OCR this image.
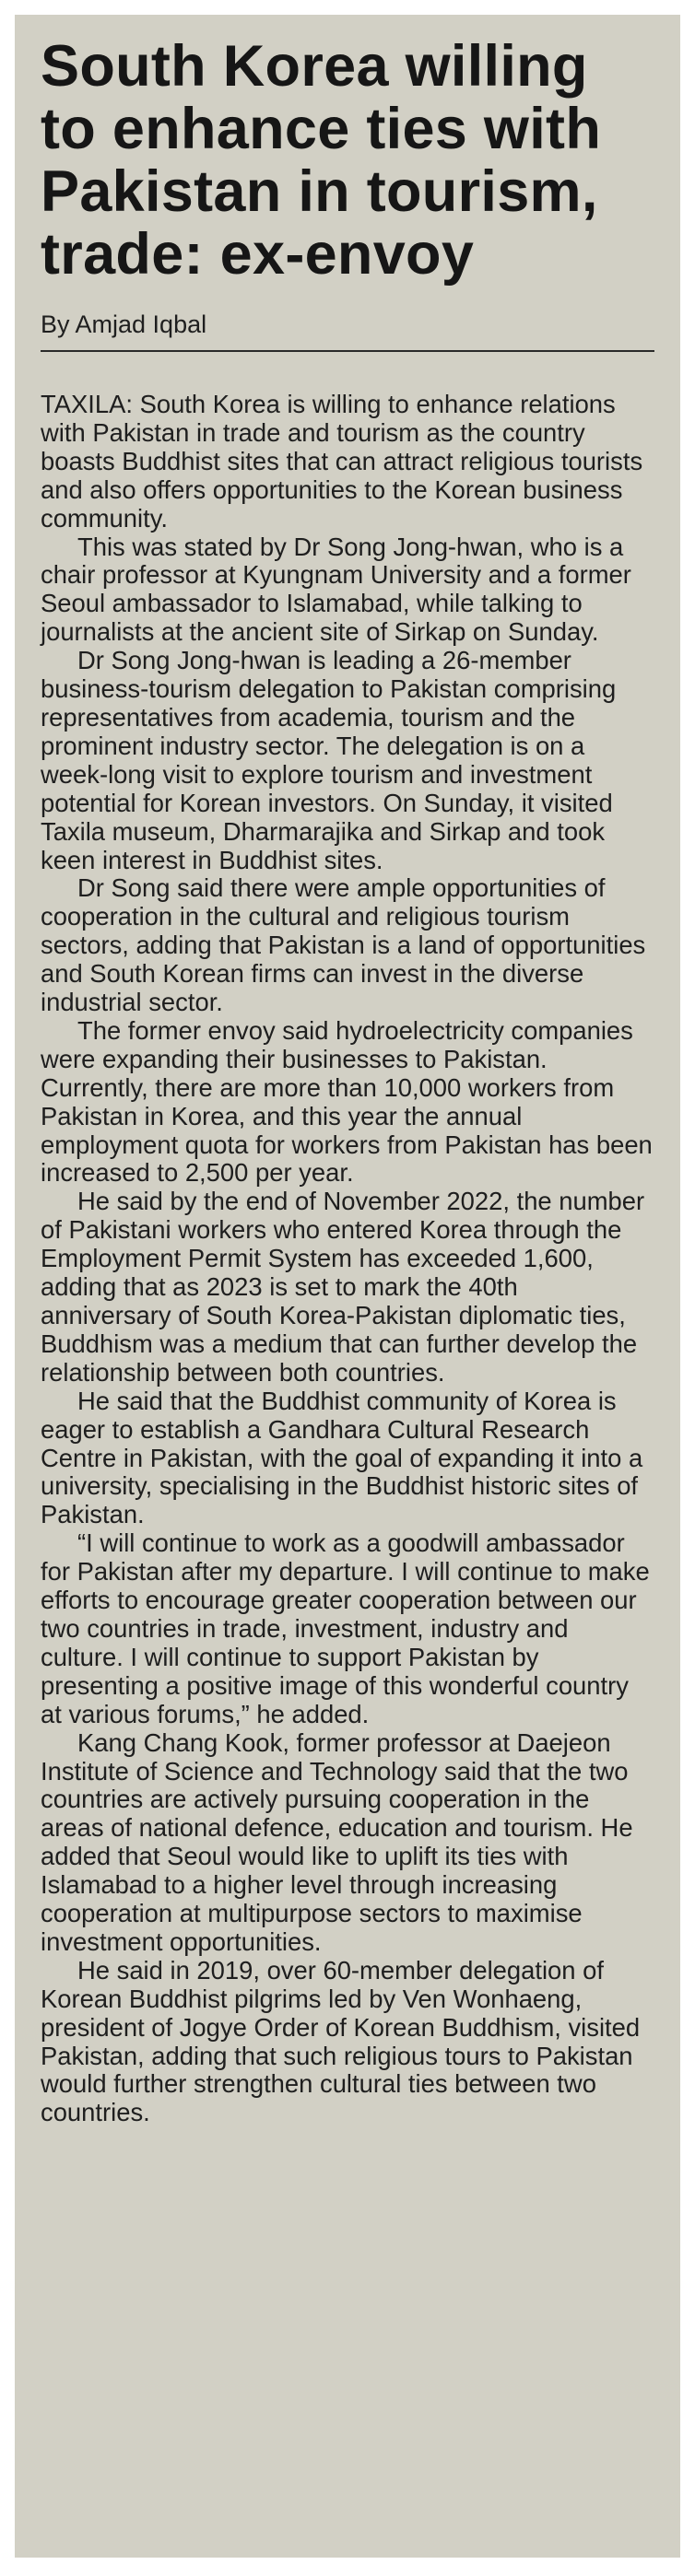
South Korea willing
to enhance ties with
Pakistan in tourism,
trade: ex-envoy
By Amjad Iqbal

TAXILA: South Korea is willing to enhance relations with Pakistan in trade and tourism as the country boasts Buddhist sites that can attract religious tourists and also offers opportunities to the Korean business community.

This was stated by Dr Song Jong-hwan, who is a chair professor at Kyungnam University and a former Seoul ambassador to Islamabad, while talking to journalists at the ancient site of Sirkap on Sunday.

Dr Song Jong-hwan is leading a 26-member business-tourism delegation to Pakistan comprising representatives from academia, tourism and the prominent industry sector. The delegation is on a week-long visit to explore tourism and investment potential for Korean investors. On Sunday, it visited Taxila museum, Dharmarajika and Sirkap and took keen interest in Buddhist sites.

Dr Song said there were ample opportunities of cooperation in the cultural and religious tourism sectors, adding that Pakistan is a land of opportunities and South Korean firms can invest in the diverse industrial sector.

The former envoy said hydroelectricity companies were expanding their businesses to Pakistan. Currently, there are more than 10,000 workers from Pakistan in Korea, and this year the annual employment quota for workers from Pakistan has been increased to 2,500 per year.

He said by the end of November 2022, the number of Pakistani workers who entered Korea through the Employment Permit System has exceeded 1,600, adding that as 2023 is set to mark the 40th anniversary of South Korea-Pakistan diplomatic ties, Buddhism was a medium that can further develop the relationship between both countries.

He said that the Buddhist community of Korea is eager to establish a Gandhara Cultural Research Centre in Pakistan, with the goal of expanding it into a university, specialising in the Buddhist historic sites of Pakistan.

“I will continue to work as a goodwill ambassador for Pakistan after my departure. I will continue to make efforts to encourage greater cooperation between our two countries in trade, investment, industry and culture. I will continue to support Pakistan by presenting a positive image of this wonderful country at various forums,” he added.

Kang Chang Kook, former professor at Daejeon Institute of Science and Technology said that the two countries are actively pursuing cooperation in the areas of national defence, education and tourism. He added that Seoul would like to uplift its ties with Islamabad to a higher level through increasing cooperation at multipurpose sectors to maximise investment opportunities.

He said in 2019, over 60-member delegation of Korean Buddhist pilgrims led by Ven Wonhaeng, president of Jogye Order of Korean Buddhism, visited Pakistan, adding that such religious tours to Pakistan would further strengthen cultural ties between two countries.
